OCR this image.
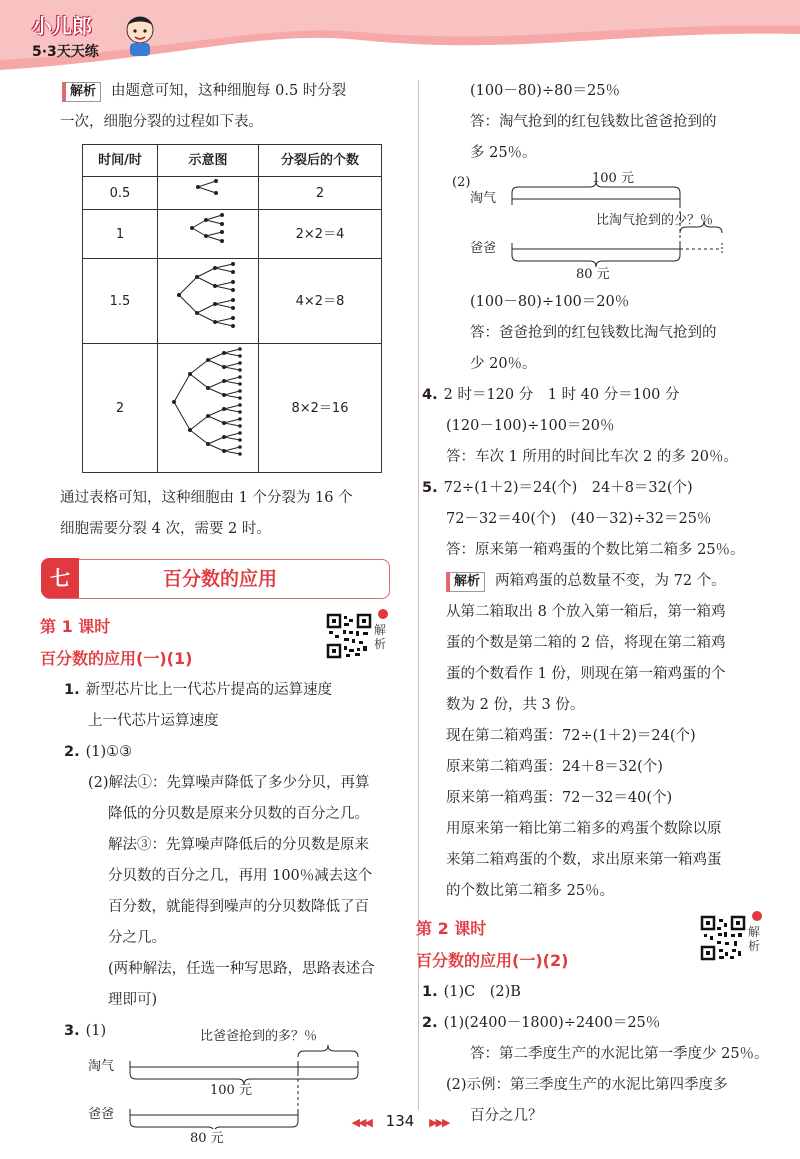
小儿郎
5·3天天练
解析 由题意可知，这种细胞每 0.5 时分裂
一次，细胞分裂的过程如下表。
时间/时	示意图	分裂后的个数
0.5		2
1		2×2＝4
1.5		4×2＝8
2		8×2＝16
通过表格可知，这种细胞由 1 个分裂为 16 个
细胞需要分裂 4 次，需要 2 时。
七	百分数的应用
第 1 课时
百分数的应用(一)(1)
解析
1. 新型芯片比上一代芯片提高的运算速度
上一代芯片运算速度
2. (1)①③
(2)解法①：先算噪声降低了多少分贝，再算
降低的分贝数是原来分贝数的百分之几。
解法③：先算噪声降低后的分贝数是原来
分贝数的百分之几，再用 100％减去这个
百分数，就能得到噪声的分贝数降低了百
分之几。
(两种解法，任选一种写思路，思路表述合
理即可)
3. (1)	比爸爸抢到的多？％
淘气
100 元
爸爸
80 元
(100－80)÷80＝25％
答：淘气抢到的红包钱数比爸爸抢到的
多 25％。
(2)	100 元
淘气
比淘气抢到的少？％
爸爸
80 元
(100－80)÷100＝20％
答：爸爸抢到的红包钱数比淘气抢到的
少 20％。
4. 2 时＝120 分　1 时 40 分＝100 分
(120－100)÷100＝20％
答：车次 1 所用的时间比车次 2 的多 20％。
5. 72÷(1＋2)＝24(个)　24＋8＝32(个)
72－32＝40(个)　(40－32)÷32＝25％
答：原来第一箱鸡蛋的个数比第二箱多 25％。
解析 两箱鸡蛋的总数量不变，为 72 个。
从第二箱取出 8 个放入第一箱后，第一箱鸡
蛋的个数是第二箱的 2 倍，将现在第二箱鸡
蛋的个数看作 1 份，则现在第一箱鸡蛋的个
数为 2 份，共 3 份。
现在第二箱鸡蛋：72÷(1＋2)＝24(个)
原来第二箱鸡蛋：24＋8＝32(个)
原来第一箱鸡蛋：72－32＝40(个)
用原来第一箱比第二箱多的鸡蛋个数除以原
来第二箱鸡蛋的个数，求出原来第一箱鸡蛋
的个数比第二箱多 25％。
第 2 课时
百分数的应用(一)(2)
解析
1. (1)C　(2)B
2. (1)(2400－1800)÷2400＝25％
答：第二季度生产的水泥比第一季度少 25％。
(2)示例：第三季度生产的水泥比第四季度多
百分之几？
◀◀◀ 134 ▶▶▶
